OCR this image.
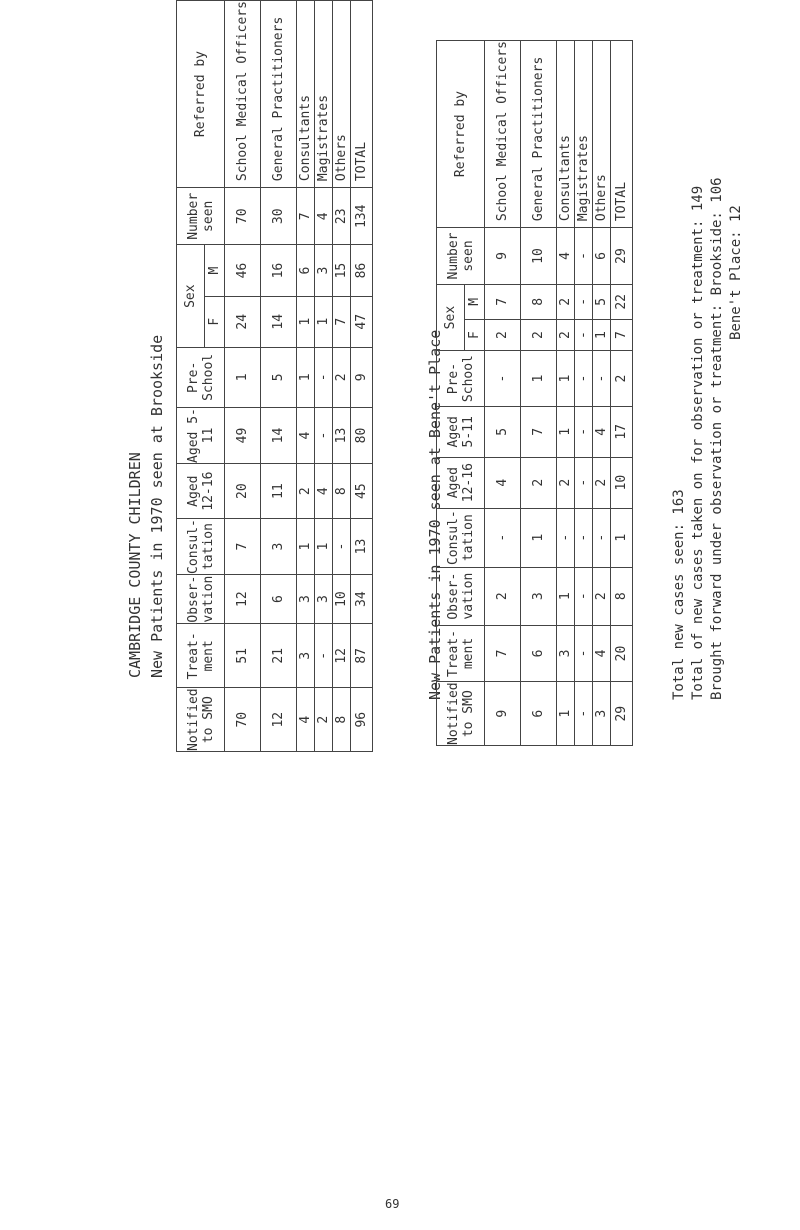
CAMBRIDGE COUNTY CHILDREN New Patients in 1970 seen at Brookside
Notified to SMO	Treat- ment	Obser- vation	Consul- tation	Aged 12-16	Aged 5-11	Pre- School	Sex		Number seen	Referred by
							F	M		
70	51	12	7	20	49	1	24	46	70	School Medical Officers
12	21	6	3	11	14	5	14	16	30	General Practitioners
4	3	3	1	2	4	1	1	6	7	Consultants
2	-	3	1	4	-	-	1	3	4	Magistrates
8	12	10	-	8	13	2	7	15	23	Others
96	87	34	13	45	80	9	47	86	134	TOTAL
New Patients in 1970 seen at Bene't Place
Notified to SMO	Treat- ment	Obser- vation	Consul- tation	Aged 12-16	Aged 5-11	Pre- School	Sex		Number seen	Referred by
							F	M		
9	7	2	-	4	5	-	2	7	9	School Medical Officers
6	6	3	1	2	7	1	2	8	10	General Practitioners
1	3	1	-	2	1	1	2	2	4	Consultants
-	-	-	-	-	-	-	-	-	-	Magistrates
3	4	2	-	2	4	-	1	5	6	Others
29	20	8	1	10	17	2	7	22	29	TOTAL
Total new cases seen: 163 Total of new cases taken on for observation or treatment: 149 Brought forward under observation or treatment: Brookside: 106 Bene't Place: 12
69
